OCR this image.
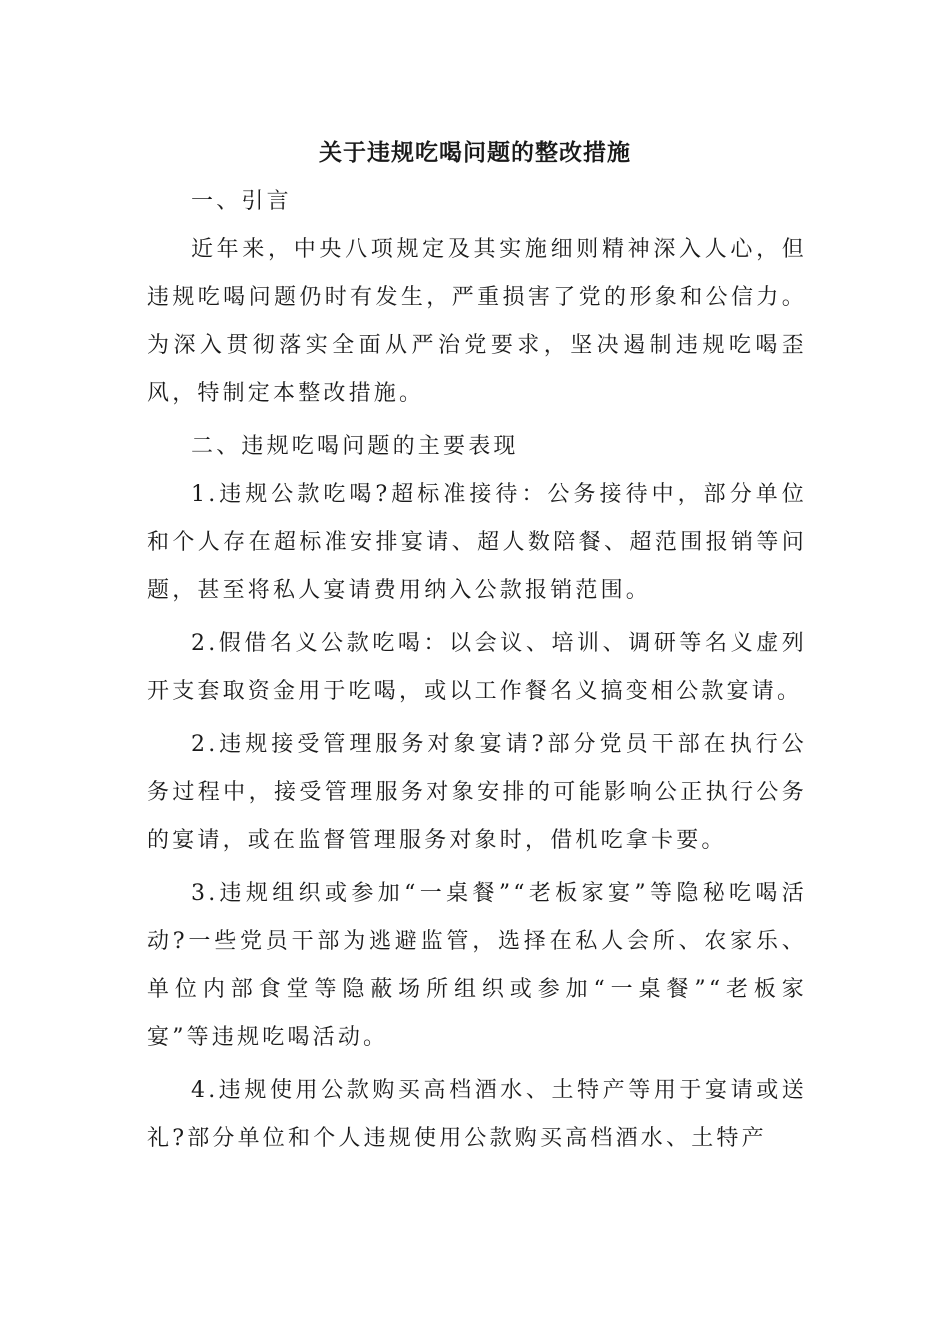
关于违规吃喝问题的整改措施

一、引言

近年来，中央八项规定及其实施细则精神深入人心，但违规吃喝问题仍时有发生，严重损害了党的形象和公信力。为深入贯彻落实全面从严治党要求，坚决遏制违规吃喝歪风，特制定本整改措施。

二、违规吃喝问题的主要表现

1.违规公款吃喝?超标准接待：公务接待中，部分单位和个人存在超标准安排宴请、超人数陪餐、超范围报销等问题，甚至将私人宴请费用纳入公款报销范围。

2.假借名义公款吃喝：以会议、培训、调研等名义虚列开支套取资金用于吃喝，或以工作餐名义搞变相公款宴请。

2.违规接受管理服务对象宴请?部分党员干部在执行公务过程中，接受管理服务对象安排的可能影响公正执行公务的宴请，或在监督管理服务对象时，借机吃拿卡要。

3.违规组织或参加“一桌餐”“老板家宴”等隐秘吃喝活动?一些党员干部为逃避监管，选择在私人会所、农家乐、单位内部食堂等隐蔽场所组织或参加“一桌餐”“老板家宴”等违规吃喝活动。

4.违规使用公款购买高档酒水、土特产等用于宴请或送礼?部分单位和个人违规使用公款购买高档酒水、土特产
